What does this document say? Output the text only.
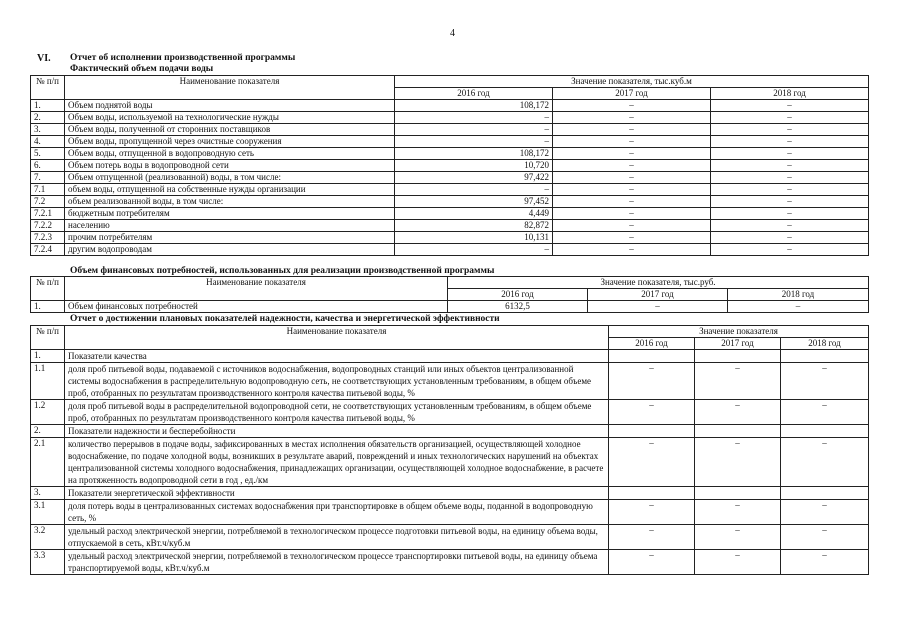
4
VI. Отчет об исполнении производственной программы
Фактический объем подачи воды
№ п/п	Наименование показателя	Значение показателя, тыс.куб.м		
		2016 год	2017 год	2018 год
1.	Объем поднятой воды	108,172	–	–
2.	Объем воды, используемой на технологические нужды	–	–	–
3.	Объем воды, полученной от сторонних поставщиков	–	–	–
4.	Объем воды, пропущенной через очистные сооружения	–	–	–
5.	Объем воды, отпущенной в водопроводную сеть	108,172	–	–
6.	Объем потерь воды в водопроводной сети	10,720	–	–
7.	Объем отпущенной (реализованной) воды, в том числе:	97,422	–	–
7.1	объем воды, отпущенной на собственные нужды организации	–	–	–
7.2	объем реализованной воды, в том числе:	97,452	–	–
7.2.1	бюджетным потребителям	4,449	–	–
7.2.2	населению	82,872	–	–
7.2.3	прочим потребителям	10,131	–	–
7.2.4	другим водопроводам	–	–	–
Объем финансовых потребностей, использованных для реализации производственной программы
№ п/п	Наименование показателя	Значение показателя, тыс.руб.		
		2016 год	2017 год	2018 год
1.	Объем финансовых потребностей	6132,5	–	–
Отчет о достижении плановых показателей надежности, качества и энергетической эффективности
№ п/п	Наименование показателя	Значение показателя		
		2016 год	2017 год	2018 год
1.	Показатели качества			
1.1	доля проб питьевой воды, подаваемой с источников водоснабжения, водопроводных станций или иных объектов централизованной системы водоснабжения в распределительную водопроводную сеть, не соответствующих установленным требованиям, в общем объеме проб, отобранных по результатам производственного контроля качества питьевой воды, %	–	–	–
1.2	доля проб питьевой воды в распределительной водопроводной сети, не соответствующих установленным требованиям, в общем объеме проб, отобранных по результатам производственного контроля качества питьевой воды, %	–	–	–
2.	Показатели надежности и бесперебойности			
2.1	количество перерывов в подаче воды, зафиксированных в местах исполнения обязательств организацией, осуществляющей холодное водоснабжение, по подаче холодной воды, возникших в результате аварий, повреждений и иных технологических нарушений на объектах централизованной системы холодного водоснабжения, принадлежащих организации, осуществляющей холодное водоснабжение, в расчете на протяженность водопроводной сети в год , ед./км	–	–	–
3.	Показатели энергетической эффективности			
3.1	доля потерь воды в централизованных системах водоснабжения при транспортировке в общем объеме воды, поданной в водопроводную сеть, %	–	–	–
3.2	удельный расход электрической энергии, потребляемой в технологическом процессе подготовки питьевой воды, на единицу объема воды, отпускаемой в сеть, кВт.ч/куб.м	–	–	–
3.3	удельный расход электрической энергии, потребляемой в технологическом процессе транспортировки питьевой воды, на единицу объема транспортируемой воды, кВт.ч/куб.м	–	–	–
